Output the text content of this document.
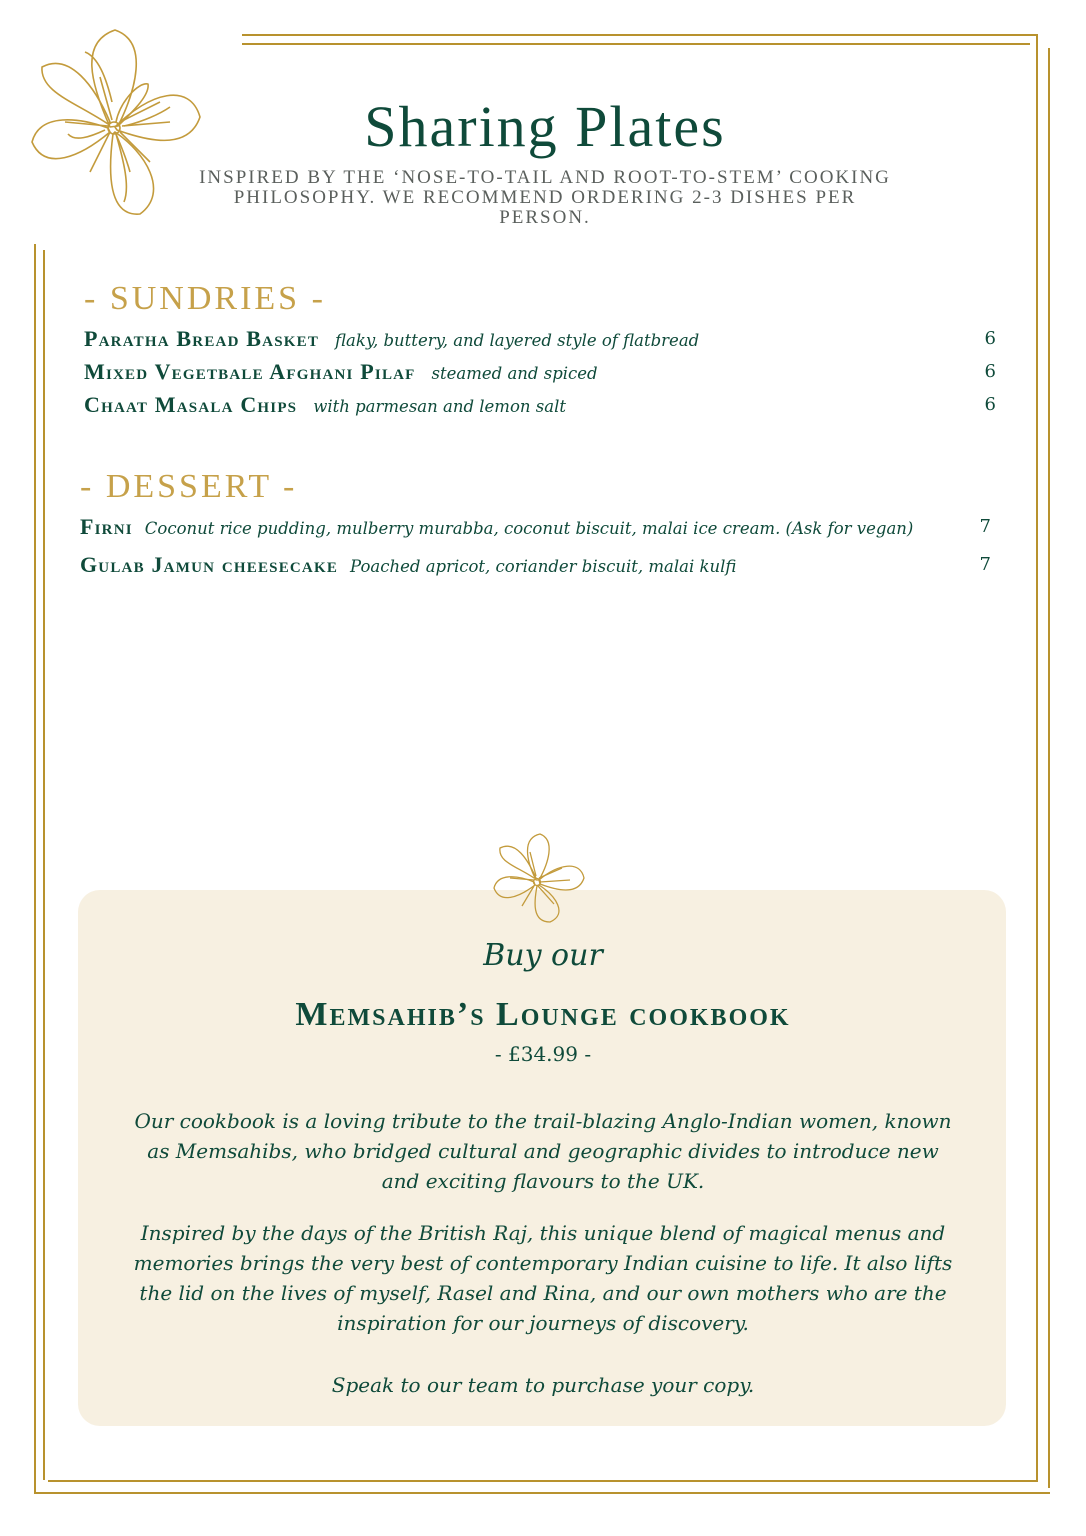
Sharing Plates
INSPIRED BY THE ‘NOSE-TO-TAIL AND ROOT-TO-STEM’ COOKING
PHILOSOPHY. WE RECOMMEND ORDERING 2-3 DISHES PER PERSON.
- SUNDRIES -
Paratha Bread Basket flaky, buttery, and layered style of flatbread	6
Mixed Vegetbale Afghani Pilaf steamed and spiced	6
Chaat Masala Chips with parmesan and lemon salt	6
- DESSERT -
Firni Coconut rice pudding, mulberry murabba, coconut biscuit, malai ice cream. (Ask for vegan)	7
Gulab Jamun cheesecake Poached apricot, coriander biscuit, malai kulfi	7
Buy our
Memsahib’s Lounge cookbook
- £34.99 -

Our cookbook is a loving tribute to the trail-blazing Anglo-Indian women, known as Memsahibs, who bridged cultural and geographic divides to introduce new and exciting flavours to the UK.

Inspired by the days of the British Raj, this unique blend of magical menus and memories brings the very best of contemporary Indian cuisine to life. It also lifts the lid on the lives of myself, Rasel and Rina, and our own mothers who are the inspiration for our journeys of discovery.

Speak to our team to purchase your copy.
